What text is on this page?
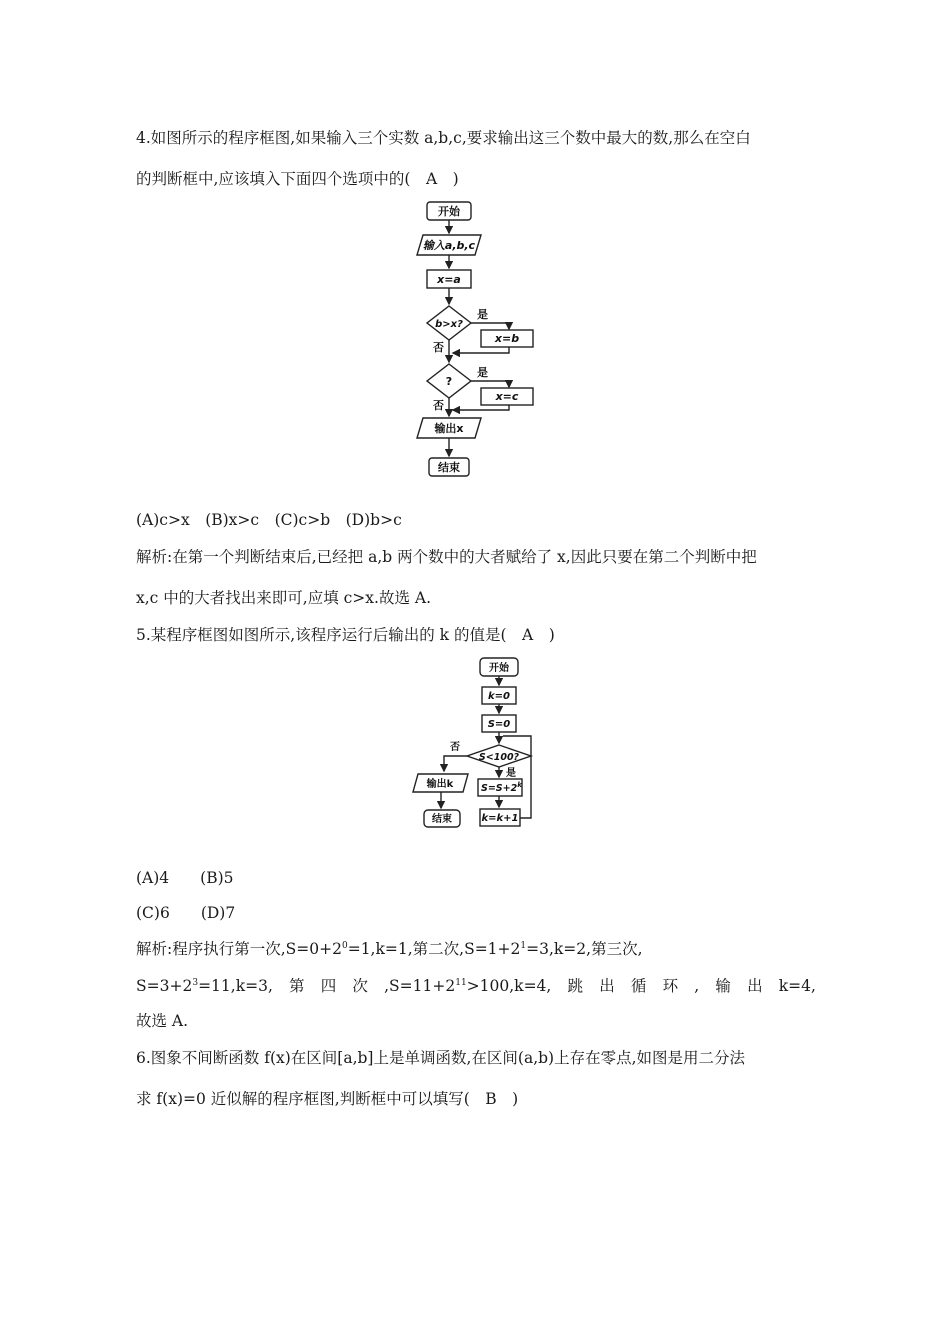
4.如图所示的程序框图,如果输入三个实数 a,b,c,要求输出这三个数中最大的数,那么在空白
的判断框中,应该填入下面四个选项中的(　A　)
开始
输入a,b,c
x=a
b>x?
是
x=b
否
?
是
x=c
否
输出x
结束
(A)c>x　(B)x>c　(C)c>b　(D)b>c
解析:在第一个判断结束后,已经把 a,b 两个数中的大者赋给了 x,因此只要在第二个判断中把
x,c 中的大者找出来即可,应填 c>x.故选 A.
5.某程序框图如图所示,该程序运行后输出的 k 的值是(　A　)
开始
k=0
S=0
S<100?
否
是
$S=S+2^k$
k=k+1
输出k
结束
(A)4　　(B)5
(C)6　　(D)7
解析:程序执行第一次$,S=0+2^0=1,k=1$,第二次$,S=1+2^1=3,k=2$,第三次,
$S=3+2^3=11,k=3$, 第 四 次 $,S=11+2^{11}>100,k=4$, 跳 出 循 环 , 输 出 k=4,
故选 A.
6.图象不间断函数 f(x)在区间[a,b]上是单调函数,在区间(a,b)上存在零点,如图是用二分法
求 f(x)=0 近似解的程序框图,判断框中可以填写(　B　)
